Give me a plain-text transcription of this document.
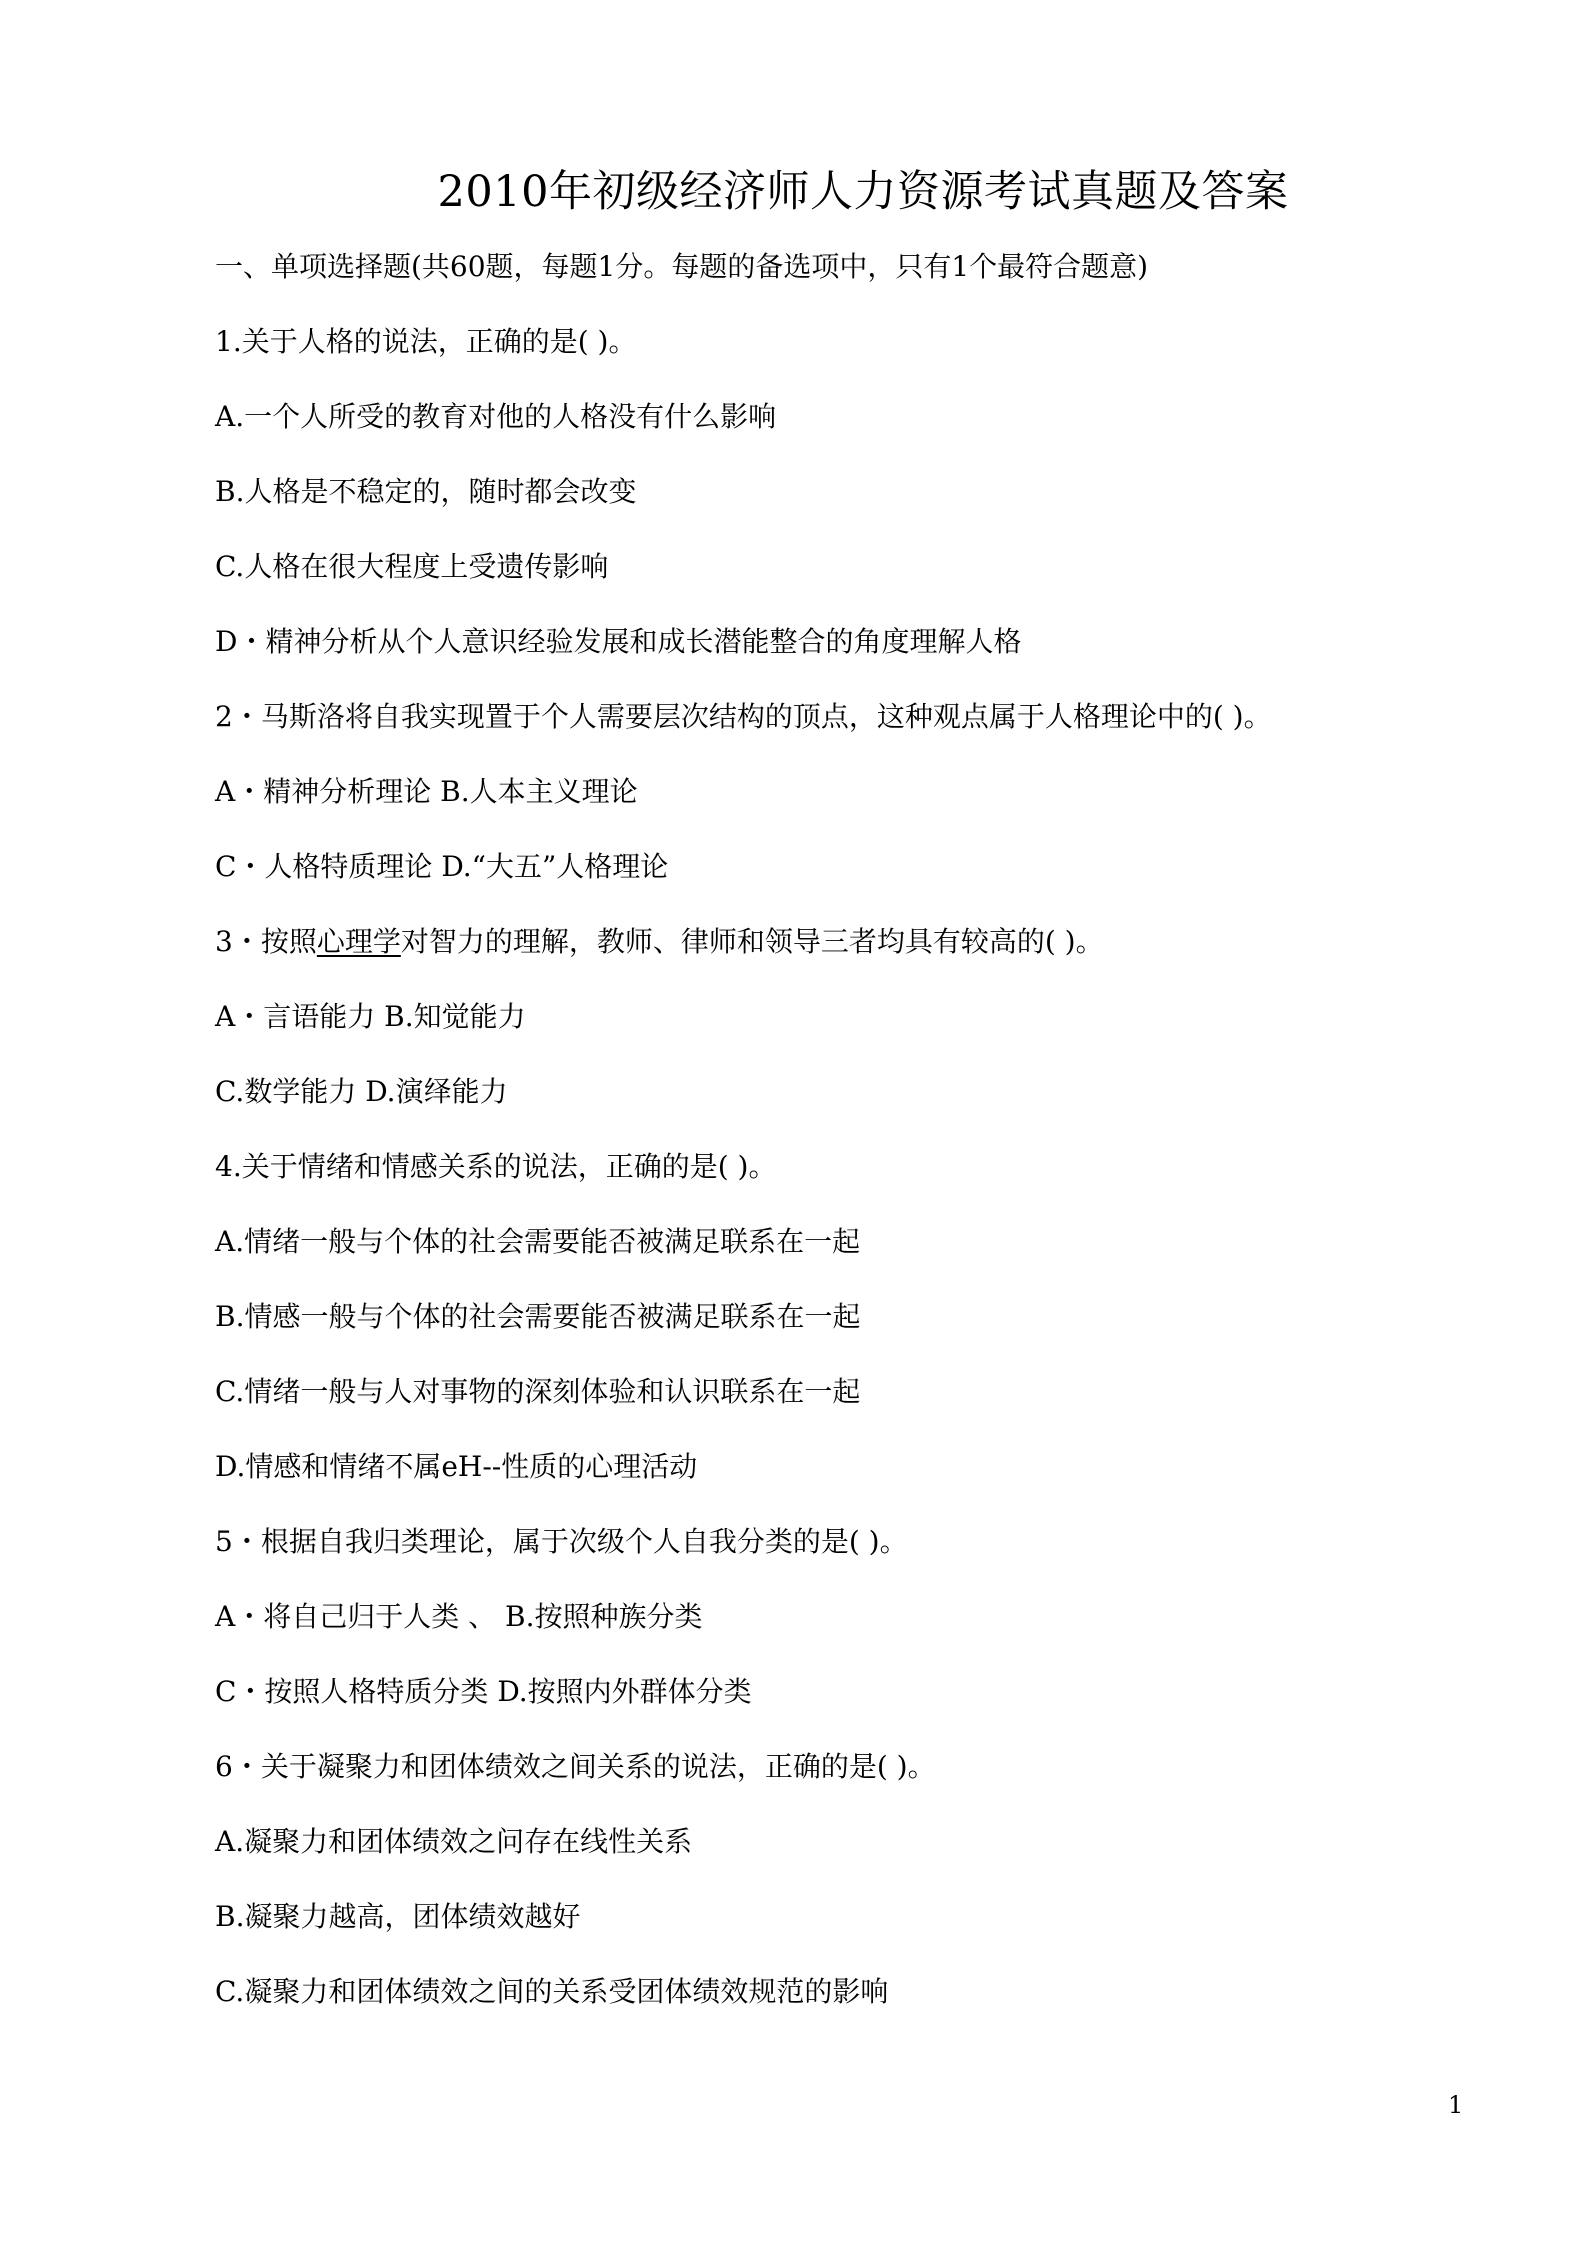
2010年初级经济师人力资源考试真题及答案
一、单项选择题(共60题，每题1分。每题的备选项中，只有1个最符合题意)
1.关于人格的说法，正确的是( )。
A.一个人所受的教育对他的人格没有什么影响
B.人格是不稳定的，随时都会改变
C.人格在很大程度上受遗传影响
D・精神分析从个人意识经验发展和成长潜能整合的角度理解人格
2・马斯洛将自我实现置于个人需要层次结构的顶点，这种观点属于人格理论中的( )。
A・精神分析理论 B.人本主义理论
C・人格特质理论 D.“大五”人格理论
3・按照心理学对智力的理解，教师、律师和领导三者均具有较高的( )。
A・言语能力 B.知觉能力
C.数学能力 D.演绎能力
4.关于情绪和情感关系的说法，正确的是( )。
A.情绪一般与个体的社会需要能否被满足联系在一起
B.情感一般与个体的社会需要能否被满足联系在一起
C.情绪一般与人对事物的深刻体验和认识联系在一起
D.情感和情绪不属eH--性质的心理活动
5・根据自我归类理论，属于次级个人自我分类的是( )。
A・将自己归于人类 、 B.按照种族分类
C・按照人格特质分类 D.按照内外群体分类
6・关于凝聚力和团体绩效之间关系的说法，正确的是( )。
A.凝聚力和团体绩效之问存在线性关系
B.凝聚力越高，团体绩效越好
C.凝聚力和团体绩效之间的关系受团体绩效规范的影响
1
